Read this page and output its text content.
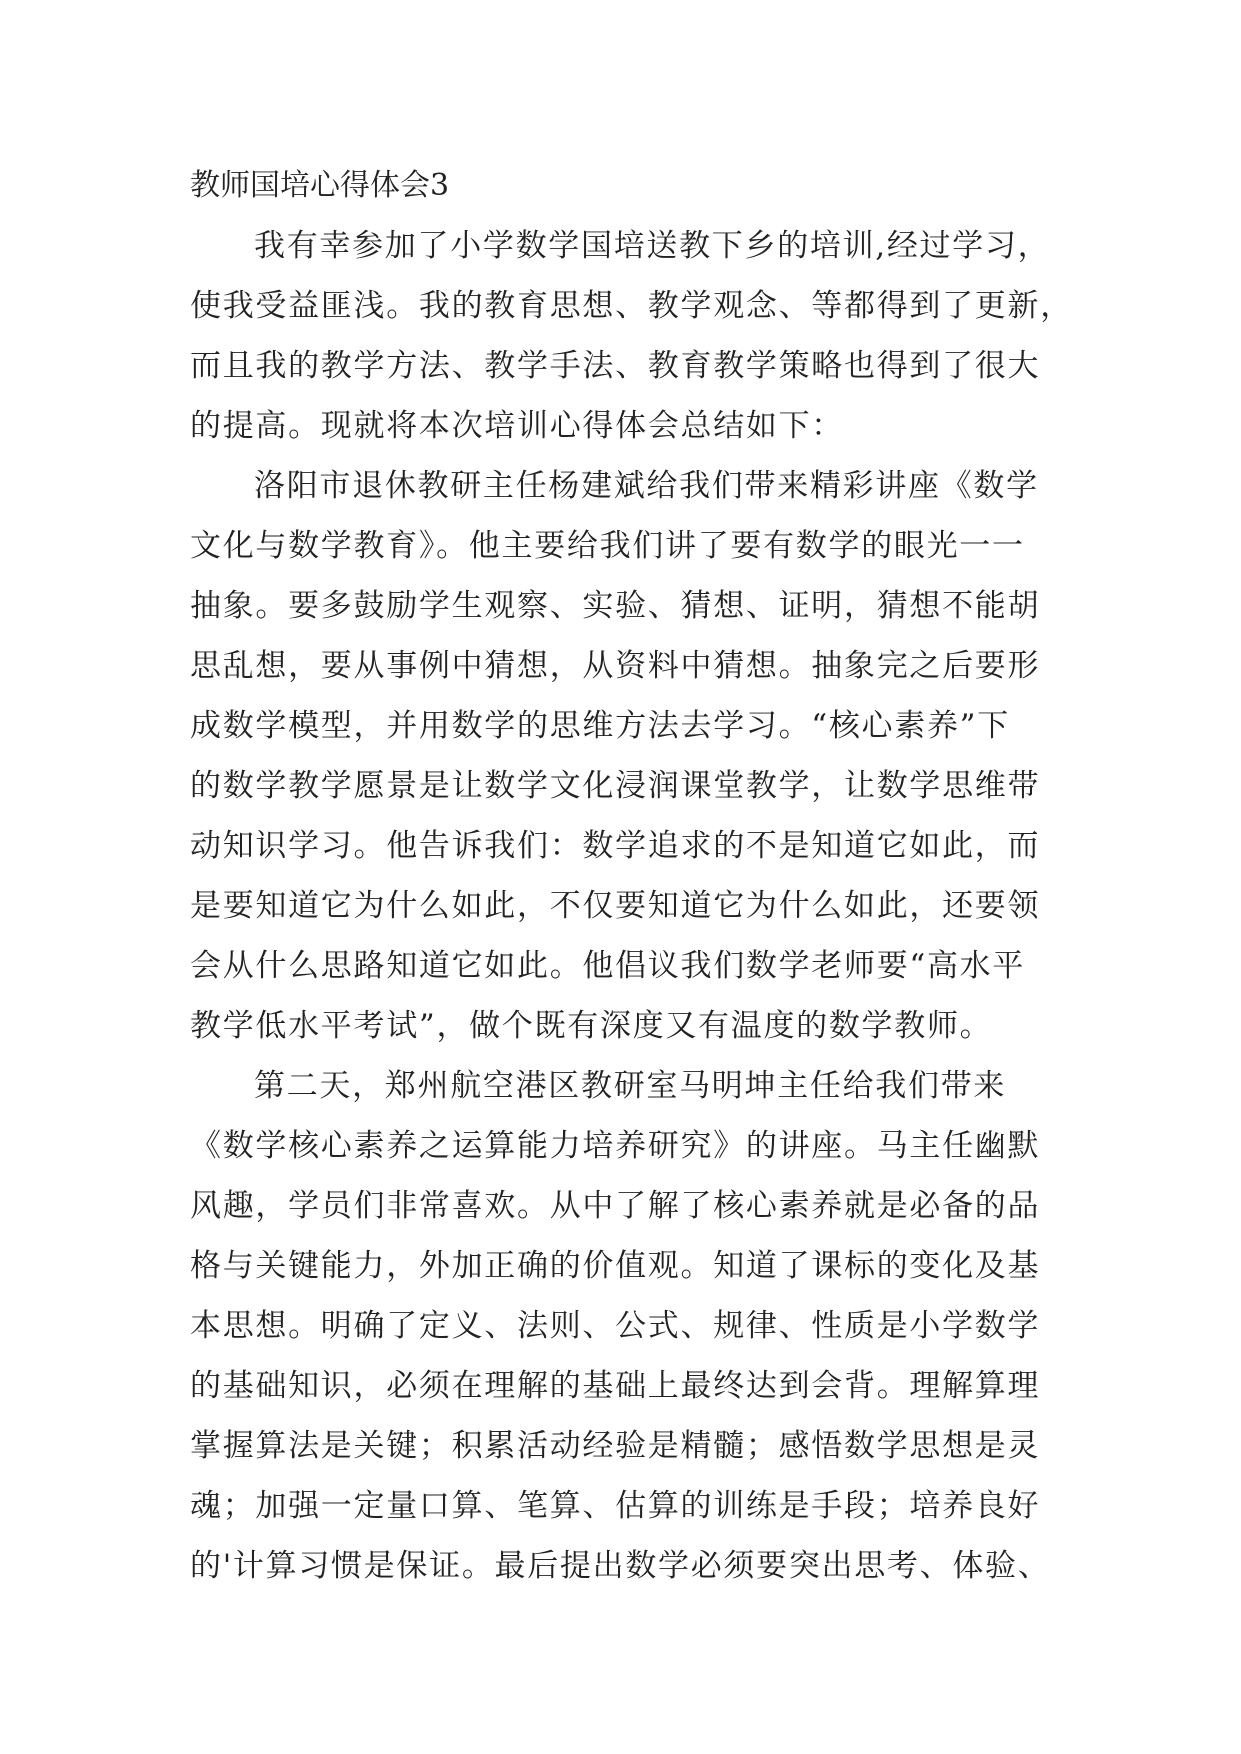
教师国培心得体会3

我有幸参加了小学数学国培送教下乡的培训,经过学习，
使我受益匪浅。我的教育思想、教学观念、等都得到了更新，
而且我的教学方法、教学手法、教育教学策略也得到了很大
的提高。现就将本次培训心得体会总结如下：

洛阳市退休教研主任杨建斌给我们带来精彩讲座《数学
文化与数学教育》。他主要给我们讲了要有数学的眼光一一
抽象。要多鼓励学生观察、实验、猜想、证明，猜想不能胡
思乱想，要从事例中猜想，从资料中猜想。抽象完之后要形
成数学模型，并用数学的思维方法去学习。“核心素养”下
的数学教学愿景是让数学文化浸润课堂教学，让数学思维带
动知识学习。他告诉我们：数学追求的不是知道它如此，而
是要知道它为什么如此，不仅要知道它为什么如此，还要领
会从什么思路知道它如此。他倡议我们数学老师要“高水平
教学低水平考试”，做个既有深度又有温度的数学教师。

第二天，郑州航空港区教研室马明坤主任给我们带来
《数学核心素养之运算能力培养研究》的讲座。马主任幽默
风趣，学员们非常喜欢。从中了解了核心素养就是必备的品
格与关键能力，外加正确的价值观。知道了课标的变化及基
本思想。明确了定义、法则、公式、规律、性质是小学数学
的基础知识，必须在理解的基础上最终达到会背。理解算理
掌握算法是关键；积累活动经验是精髓；感悟数学思想是灵
魂；加强一定量口算、笔算、估算的训练是手段；培养良好
的'计算习惯是保证。最后提出数学必须要突出思考、体验、
